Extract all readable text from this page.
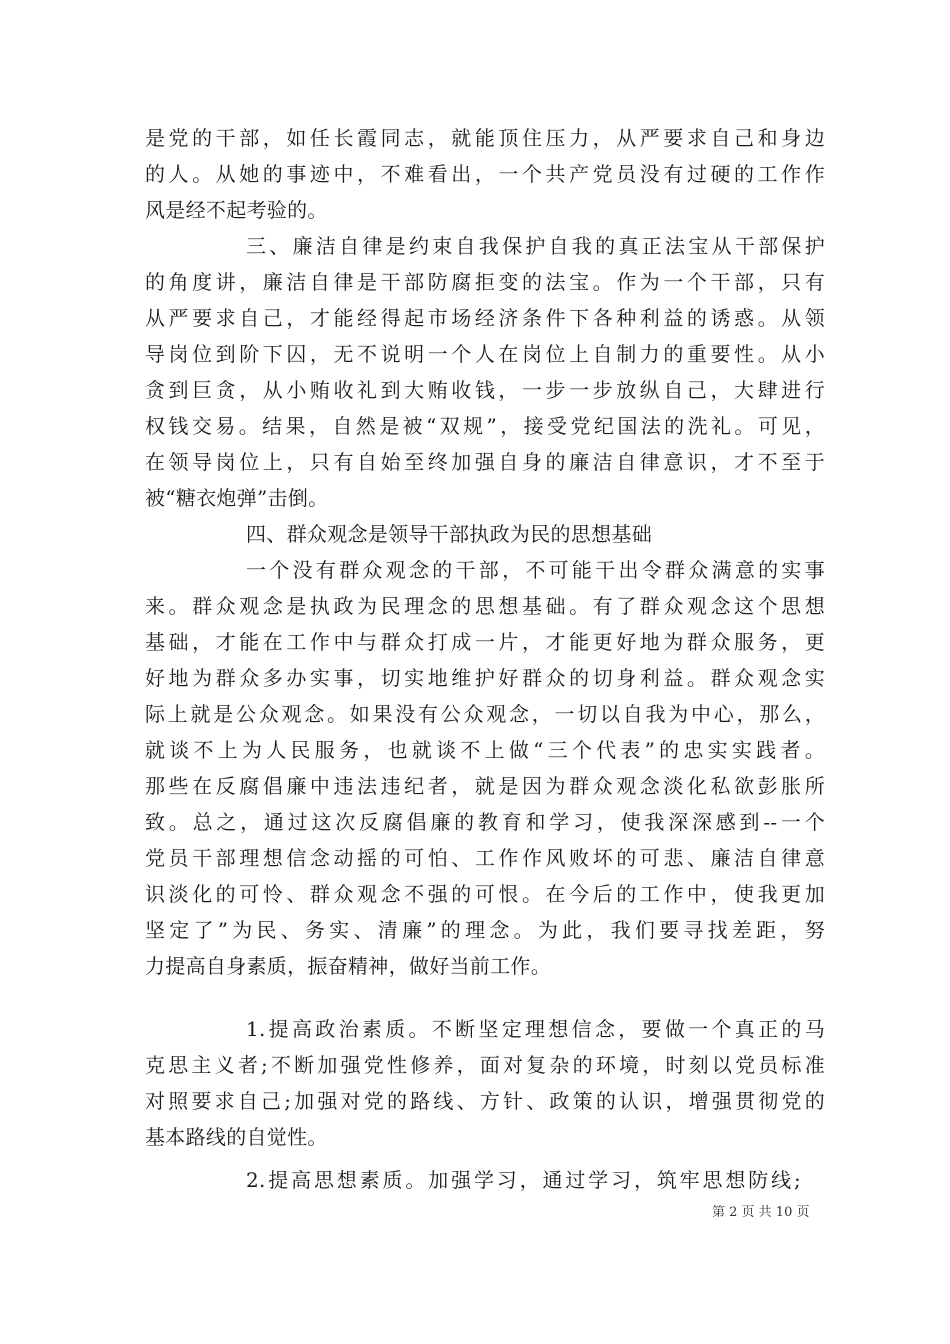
是党的干部，如任长霞同志，就能顶住压力，从严要求自己和身边
的人。从她的事迹中，不难看出，一个共产党员没有过硬的工作作
风是经不起考验的。
三、廉洁自律是约束自我保护自我的真正法宝从干部保护
的角度讲，廉洁自律是干部防腐拒变的法宝。作为一个干部，只有
从严要求自己，才能经得起市场经济条件下各种利益的诱惑。从领
导岗位到阶下囚，无不说明一个人在岗位上自制力的重要性。从小
贪到巨贪，从小贿收礼到大贿收钱，一步一步放纵自己，大肆进行
权钱交易。结果，自然是被“双规”，接受党纪国法的洗礼。可见，
在领导岗位上，只有自始至终加强自身的廉洁自律意识，才不至于
被“糖衣炮弹”击倒。
四、群众观念是领导干部执政为民的思想基础
一个没有群众观念的干部，不可能干出令群众满意的实事
来。群众观念是执政为民理念的思想基础。有了群众观念这个思想
基础，才能在工作中与群众打成一片，才能更好地为群众服务，更
好地为群众多办实事，切实地维护好群众的切身利益。群众观念实
际上就是公众观念。如果没有公众观念，一切以自我为中心，那么，
就谈不上为人民服务，也就谈不上做“三个代表”的忠实实践者。
那些在反腐倡廉中违法违纪者，就是因为群众观念淡化私欲彭胀所
致。总之，通过这次反腐倡廉的教育和学习，使我深深感到--一个
党员干部理想信念动摇的可怕、工作作风败坏的可悲、廉洁自律意
识淡化的可怜、群众观念不强的可恨。在今后的工作中，使我更加
坚定了”为民、务实、清廉”的理念。为此，我们要寻找差距，努
力提高自身素质，振奋精神，做好当前工作。
1.提高政治素质。不断坚定理想信念，要做一个真正的马
克思主义者;不断加强党性修养，面对复杂的环境，时刻以党员标准
对照要求自己;加强对党的路线、方针、政策的认识，增强贯彻党的
基本路线的自觉性。
2.提高思想素质。加强学习，通过学习，筑牢思想防线;
第 2 页 共 10 页
